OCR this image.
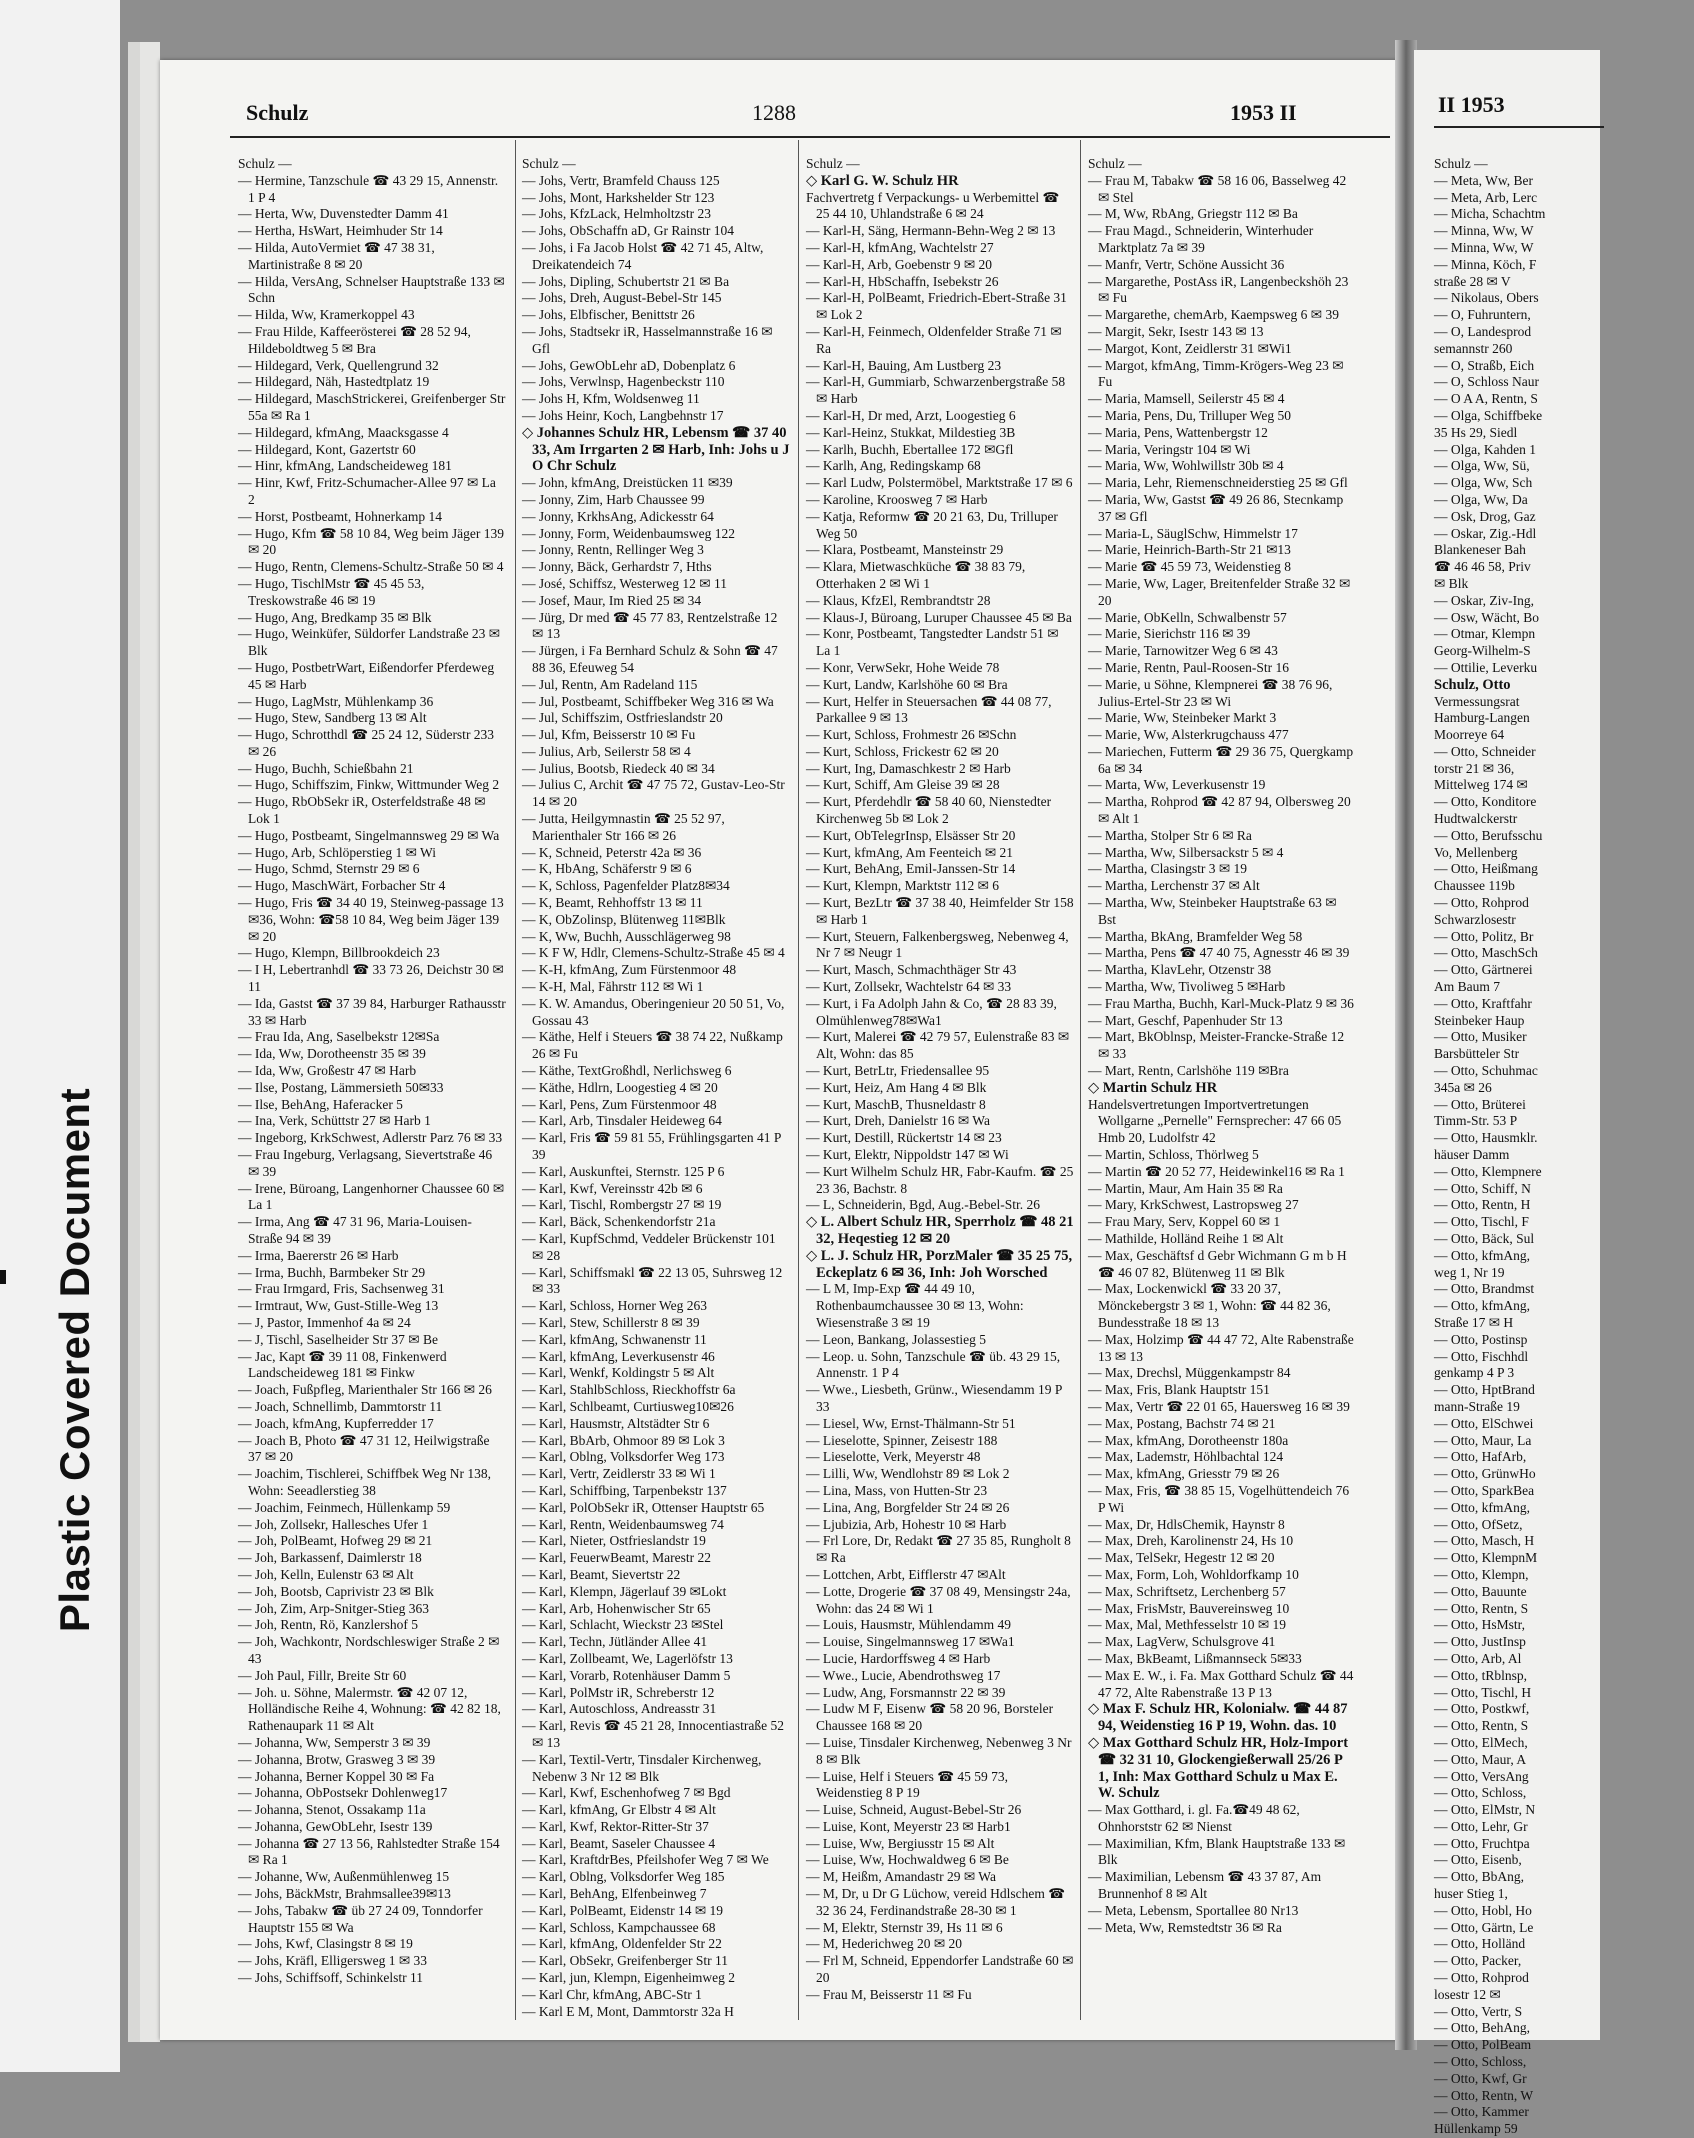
Plastic Covered Document
Schulz	1288	1953 II
Schulz —
— Hermine, Tanzschule ☎ 43 29 15, Annenstr. 1 P 4
— Herta, Ww, Duvenstedter Damm 41
— Hertha, HsWart, Heimhuder Str 14
— Hilda, AutoVermiet ☎ 47 38 31, Martinistraße 8 ✉ 20
— Hilda, VersAng, Schnelser Hauptstraße 133 ✉ Schn
— Hilda, Ww, Kramerkoppel 43
— Frau Hilde, Kaffeerösterei ☎ 28 52 94, Hildeboldtweg 5 ✉ Bra
— Hildegard, Verk, Quellengrund 32
— Hildegard, Näh, Hastedtplatz 19
— Hildegard, MaschStrickerei, Greifenberger Str 55a ✉ Ra 1
— Hildegard, kfmAng, Maacksgasse 4
— Hildegard, Kont, Gazertstr 60
— Hinr, kfmAng, Landscheideweg 181
— Hinr, Kwf, Fritz-Schumacher-Allee 97 ✉ La 2
— Horst, Postbeamt, Hohnerkamp 14
— Hugo, Kfm ☎ 58 10 84, Weg beim Jäger 139 ✉ 20
— Hugo, Rentn, Clemens-Schultz-Straße 50 ✉ 4
— Hugo, TischlMstr ☎ 45 45 53, Treskowstraße 46 ✉ 19
— Hugo, Ang, Bredkamp 35 ✉ Blk
— Hugo, Weinküfer, Süldorfer Landstraße 23 ✉ Blk
— Hugo, PostbetrWart, Eißendorfer Pferdeweg 45 ✉ Harb
— Hugo, LagMstr, Mühlenkamp 36
— Hugo, Stew, Sandberg 13 ✉ Alt
— Hugo, Schrotthdl ☎ 25 24 12, Süderstr 233 ✉ 26
— Hugo, Buchh, Schießbahn 21
— Hugo, Schiffszim, Finkw, Wittmunder Weg 2
— Hugo, RbObSekr iR, Osterfeldstraße 48 ✉ Lok 1
— Hugo, Postbeamt, Singelmannsweg 29 ✉ Wa
— Hugo, Arb, Schlöperstieg 1 ✉ Wi
— Hugo, Schmd, Sternstr 29 ✉ 6
— Hugo, MaschWärt, Forbacher Str 4
— Hugo, Fris ☎ 34 40 19, Steinweg-passage 13 ✉36, Wohn: ☎58 10 84, Weg beim Jäger 139 ✉ 20
— Hugo, Klempn, Billbrookdeich 23
— I H, Lebertranhdl ☎ 33 73 26, Deichstr 30 ✉ 11
— Ida, Gastst ☎ 37 39 84, Harburger Rathausstr 33 ✉ Harb
— Frau Ida, Ang, Saselbekstr 12✉Sa
— Ida, Ww, Dorotheenstr 35 ✉ 39
— Ida, Ww, Großestr 47 ✉ Harb
— Ilse, Postang, Lämmersieth 50✉33
— Ilse, BehAng, Haferacker 5
— Ina, Verk, Schüttstr 27 ✉ Harb 1
— Ingeborg, KrkSchwest, Adlerstr Parz 76 ✉ 33
— Frau Ingeburg, Verlagsang, Sievertstraße 46 ✉ 39
— Irene, Büroang, Langenhorner Chaussee 60 ✉ La 1
— Irma, Ang ☎ 47 31 96, Maria-Louisen-Straße 94 ✉ 39
— Irma, Baererstr 26 ✉ Harb
— Irma, Buchh, Barmbeker Str 29
— Frau Irmgard, Fris, Sachsenweg 31
— Irmtraut, Ww, Gust-Stille-Weg 13
— J, Pastor, Immenhof 4a ✉ 24
— J, Tischl, Saselheider Str 37 ✉ Be
— Jac, Kapt ☎ 39 11 08, Finkenwerd Landscheideweg 181 ✉ Finkw
— Joach, Fußpfleg, Marienthaler Str 166 ✉ 26
— Joach, Schnellimb, Dammtorstr 11
— Joach, kfmAng, Kupferredder 17
— Joach B, Photo ☎ 47 31 12, Heilwigstraße 37 ✉ 20
— Joachim, Tischlerei, Schiffbek Weg Nr 138, Wohn: Seeadlerstieg 38
— Joachim, Feinmech, Hüllenkamp 59
— Joh, Zollsekr, Hallesches Ufer 1
— Joh, PolBeamt, Hofweg 29 ✉ 21
— Joh, Barkassenf, Daimlerstr 18
— Joh, Kelln, Eulenstr 63 ✉ Alt
— Joh, Bootsb, Caprivistr 23 ✉ Blk
— Joh, Zim, Arp-Snitger-Stieg 363
— Joh, Rentn, Rö, Kanzlershof 5
— Joh, Wachkontr, Nordschleswiger Straße 2 ✉ 43
— Joh Paul, Fillr, Breite Str 60
— Joh. u. Söhne, Malermstr. ☎ 42 07 12, Holländische Reihe 4, Wohnung: ☎ 42 82 18, Rathenaupark 11 ✉ Alt
— Johanna, Ww, Semperstr 3 ✉ 39
— Johanna, Brotw, Grasweg 3 ✉ 39
— Johanna, Berner Koppel 30 ✉ Fa
— Johanna, ObPostsekr Dohlenweg17
— Johanna, Stenot, Ossakamp 11a
— Johanna, GewObLehr, Isestr 139
— Johanna ☎ 27 13 56, Rahlstedter Straße 154 ✉ Ra 1
— Johanne, Ww, Außenmühlenweg 15
— Johs, BäckMstr, Brahmsallee39✉13
— Johs, Tabakw ☎ üb 27 24 09, Tonndorfer Hauptstr 155 ✉ Wa
— Johs, Kwf, Clasingstr 8 ✉ 19
— Johs, Kräfl, Elligersweg 1 ✉ 33
— Johs, Schiffsoff, Schinkelstr 11
Schulz —
— Johs, Vertr, Bramfeld Chauss 125
— Johs, Mont, Harkshelder Str 123
— Johs, KfzLack, Helmholtzstr 23
— Johs, ObSchaffn aD, Gr Rainstr 104
— Johs, i Fa Jacob Holst ☎ 42 71 45, Altw, Dreikatendeich 74
— Johs, Dipling, Schubertstr 21 ✉ Ba
— Johs, Dreh, August-Bebel-Str 145
— Johs, Elbfischer, Benittstr 26
— Johs, Stadtsekr iR, Hasselmannstraße 16 ✉ Gfl
— Johs, GewObLehr aD, Dobenplatz 6
— Johs, Verwlnsp, Hagenbeckstr 110
— Johs H, Kfm, Woldsenweg 11
— Johs Heinr, Koch, Langbehnstr 17
◇ Johannes Schulz HR, Lebensm ☎ 37 40 33, Am Irrgarten 2 ✉ Harb, Inh: Johs u J O Chr Schulz
— John, kfmAng, Dreistücken 11 ✉39
— Jonny, Zim, Harb Chaussee 99
— Jonny, KrkhsAng, Adickesstr 64
— Jonny, Form, Weidenbaumsweg 122
— Jonny, Rentn, Rellinger Weg 3
— Jonny, Bäck, Gerhardstr 7, Hths
— José, Schiffsz, Westerweg 12 ✉ 11
— Josef, Maur, Im Ried 25 ✉ 34
— Jürg, Dr med ☎ 45 77 83, Rentzelstraße 12 ✉ 13
— Jürgen, i Fa Bernhard Schulz & Sohn ☎ 47 88 36, Efeuweg 54
— Jul, Rentn, Am Radeland 115
— Jul, Postbeamt, Schiffbeker Weg 316 ✉ Wa
— Jul, Schiffszim, Ostfrieslandstr 20
— Jul, Kfm, Beisserstr 10 ✉ Fu
— Julius, Arb, Seilerstr 58 ✉ 4
— Julius, Bootsb, Riedeck 40 ✉ 34
— Julius C, Archit ☎ 47 75 72, Gustav-Leo-Str 14 ✉ 20
— Jutta, Heilgymnastin ☎ 25 52 97, Marienthaler Str 166 ✉ 26
— K, Schneid, Peterstr 42a ✉ 36
— K, HbAng, Schäferstr 9 ✉ 6
— K, Schloss, Pagenfelder Platz8✉34
— K, Beamt, Rehhoffstr 13 ✉ 11
— K, ObZolinsp, Blütenweg 11✉Blk
— K, Ww, Buchh, Ausschlägerweg 98
— K F W, Hdlr, Clemens-Schultz-Straße 45 ✉ 4
— K-H, kfmAng, Zum Fürstenmoor 48
— K-H, Mal, Fährstr 112 ✉ Wi 1
— K. W. Amandus, Oberingenieur 20 50 51, Vo, Gossau 43
— Käthe, Helf i Steuers ☎ 38 74 22, Nußkamp 26 ✉ Fu
— Käthe, TextGroßhdl, Nerlichsweg 6
— Käthe, Hdlrn, Loogestieg 4 ✉ 20
— Karl, Pens, Zum Fürstenmoor 48
— Karl, Arb, Tinsdaler Heideweg 64
— Karl, Fris ☎ 59 81 55, Frühlingsgarten 41 P 39
— Karl, Auskunftei, Sternstr. 125 P 6
— Karl, Kwf, Vereinsstr 42b ✉ 6
— Karl, Tischl, Rombergstr 27 ✉ 19
— Karl, Bäck, Schenkendorfstr 21a
— Karl, KupfSchmd, Veddeler Brückenstr 101 ✉ 28
— Karl, Schiffsmakl ☎ 22 13 05, Suhrsweg 12 ✉ 33
— Karl, Schloss, Horner Weg 263
— Karl, Stew, Schillerstr 8 ✉ 39
— Karl, kfmAng, Schwanenstr 11
— Karl, kfmAng, Leverkusenstr 46
— Karl, Wenkf, Koldingstr 5 ✉ Alt
— Karl, StahlbSchloss, Rieckhoffstr 6a
— Karl, Schlbeamt, Curtiusweg10✉26
— Karl, Hausmstr, Altstädter Str 6
— Karl, BbArb, Ohmoor 89 ✉ Lok 3
— Karl, Oblng, Volksdorfer Weg 173
— Karl, Vertr, Zeidlerstr 33 ✉ Wi 1
— Karl, Schiffbing, Tarpenbekstr 137
— Karl, PolObSekr iR, Ottenser Hauptstr 65
— Karl, Rentn, Weidenbaumsweg 74
— Karl, Nieter, Ostfrieslandstr 19
— Karl, FeuerwBeamt, Marestr 22
— Karl, Beamt, Sievertstr 22
— Karl, Klempn, Jägerlauf 39 ✉Lokt
— Karl, Arb, Hohenwischer Str 65
— Karl, Schlacht, Wieckstr 23 ✉Stel
— Karl, Techn, Jütländer Allee 41
— Karl, Zollbeamt, We, Lagerlöfstr 13
— Karl, Vorarb, Rotenhäuser Damm 5
— Karl, PolMstr iR, Schreberstr 12
— Karl, Autoschloss, Andreasstr 31
— Karl, Revis ☎ 45 21 28, Innocentiastraße 52 ✉ 13
— Karl, Textil-Vertr, Tinsdaler Kirchenweg, Nebenw 3 Nr 12 ✉ Blk
— Karl, Kwf, Eschenhofweg 7 ✉ Bgd
— Karl, kfmAng, Gr Elbstr 4 ✉ Alt
— Karl, Kwf, Rektor-Ritter-Str 37
— Karl, Beamt, Saseler Chaussee 4
— Karl, KraftdrBes, Pfeilshofer Weg 7 ✉ We
— Karl, Oblng, Volksdorfer Weg 185
— Karl, BehAng, Elfenbeinweg 7
— Karl, PolBeamt, Eidenstr 14 ✉ 19
— Karl, Schloss, Kampchaussee 68
— Karl, kfmAng, Oldenfelder Str 22
— Karl, ObSekr, Greifenberger Str 11
— Karl, jun, Klempn, Eigenheimweg 2
— Karl Chr, kfmAng, ABC-Str 1
— Karl E M, Mont, Dammtorstr 32a H
Schulz —
◇ Karl G. W. Schulz HR
Fachvertretg f Verpackungs- u Werbemittel ☎ 25 44 10, Uhlandstraße 6 ✉ 24
— Karl-H, Säng, Hermann-Behn-Weg 2 ✉ 13
— Karl-H, kfmAng, Wachtelstr 27
— Karl-H, Arb, Goebenstr 9 ✉ 20
— Karl-H, HbSchaffn, Isebekstr 26
— Karl-H, PolBeamt, Friedrich-Ebert-Straße 31 ✉ Lok 2
— Karl-H, Feinmech, Oldenfelder Straße 71 ✉ Ra
— Karl-H, Bauing, Am Lustberg 23
— Karl-H, Gummiarb, Schwarzenbergstraße 58 ✉ Harb
— Karl-H, Dr med, Arzt, Loogestieg 6
— Karl-Heinz, Stukkat, Mildestieg 3B
— Karlh, Buchh, Ebertallee 172 ✉Gfl
— Karlh, Ang, Redingskamp 68
— Karl Ludw, Polstermöbel, Marktstraße 17 ✉ 6
— Karoline, Kroosweg 7 ✉ Harb
— Katja, Reformw ☎ 20 21 63, Du, Trilluper Weg 50
— Klara, Postbeamt, Mansteinstr 29
— Klara, Mietwaschküche ☎ 38 83 79, Otterhaken 2 ✉ Wi 1
— Klaus, KfzEl, Rembrandtstr 28
— Klaus-J, Büroang, Luruper Chaussee 45 ✉ Ba
— Konr, Postbeamt, Tangstedter Landstr 51 ✉ La 1
— Konr, VerwSekr, Hohe Weide 78
— Kurt, Landw, Karlshöhe 60 ✉ Bra
— Kurt, Helfer in Steuersachen ☎ 44 08 77, Parkallee 9 ✉ 13
— Kurt, Schloss, Frohmestr 26 ✉Schn
— Kurt, Schloss, Frickestr 62 ✉ 20
— Kurt, Ing, Damaschkestr 2 ✉ Harb
— Kurt, Schiff, Am Gleise 39 ✉ 28
— Kurt, Pferdehdlr ☎ 58 40 60, Nienstedter Kirchenweg 5b ✉ Lok 2
— Kurt, ObTelegrInsp, Elsässer Str 20
— Kurt, kfmAng, Am Feenteich ✉ 21
— Kurt, BehAng, Emil-Janssen-Str 14
— Kurt, Klempn, Marktstr 112 ✉ 6
— Kurt, BezLtr ☎ 37 38 40, Heimfelder Str 158 ✉ Harb 1
— Kurt, Steuern, Falkenbergsweg, Nebenweg 4, Nr 7 ✉ Neugr 1
— Kurt, Masch, Schmachthäger Str 43
— Kurt, Zollsekr, Wachtelstr 64 ✉ 33
— Kurt, i Fa Adolph Jahn & Co, ☎ 28 83 39, Olmühlenweg78✉Wa1
— Kurt, Malerei ☎ 42 79 57, Eulenstraße 83 ✉ Alt, Wohn: das 85
— Kurt, BetrLtr, Friedensallee 95
— Kurt, Heiz, Am Hang 4 ✉ Blk
— Kurt, MaschB, Thusneldastr 8
— Kurt, Dreh, Danielstr 16 ✉ Wa
— Kurt, Destill, Rückertstr 14 ✉ 23
— Kurt, Elektr, Nippoldstr 147 ✉ Wi
— Kurt Wilhelm Schulz HR, Fabr-Kaufm. ☎ 25 23 36, Bachstr. 8
— L, Schneiderin, Bgd, Aug.-Bebel-Str. 26
◇ L. Albert Schulz HR, Sperrholz ☎ 48 21 32, Heqestieg 12 ✉ 20
◇ L. J. Schulz HR, PorzMaler ☎ 35 25 75, Eckeplatz 6 ✉ 36, Inh: Joh Worsched
— L M, Imp-Exp ☎ 44 49 10, Rothenbaumchaussee 30 ✉ 13, Wohn: Wiesenstraße 3 ✉ 19
— Leon, Bankang, Jolassestieg 5
— Leop. u. Sohn, Tanzschule ☎ üb. 43 29 15, Annenstr. 1 P 4
— Wwe., Liesbeth, Grünw., Wiesendamm 19 P 33
— Liesel, Ww, Ernst-Thälmann-Str 51
— Lieselotte, Spinner, Zeisestr 188
— Lieselotte, Verk, Meyerstr 48
— Lilli, Ww, Wendlohstr 89 ✉ Lok 2
— Lina, Mass, von Hutten-Str 23
— Lina, Ang, Borgfelder Str 24 ✉ 26
— Ljubizia, Arb, Hohestr 10 ✉ Harb
— Frl Lore, Dr, Redakt ☎ 27 35 85, Rungholt 8 ✉ Ra
— Lottchen, Arbt, Eifflerstr 47 ✉Alt
— Lotte, Drogerie ☎ 37 08 49, Mensingstr 24a, Wohn: das 24 ✉ Wi 1
— Louis, Hausmstr, Mühlendamm 49
— Louise, Singelmannsweg 17 ✉Wa1
— Lucie, Hardorffsweg 4 ✉ Harb
— Wwe., Lucie, Abendrothsweg 17
— Ludw, Ang, Forsmannstr 22 ✉ 39
— Ludw M F, Eisenw ☎ 58 20 96, Borsteler Chaussee 168 ✉ 20
— Luise, Tinsdaler Kirchenweg, Nebenweg 3 Nr 8 ✉ Blk
— Luise, Helf i Steuers ☎ 45 59 73, Weidenstieg 8 P 19
— Luise, Schneid, August-Bebel-Str 26
— Luise, Kont, Meyerstr 23 ✉ Harb1
— Luise, Ww, Bergiusstr 15 ✉ Alt
— Luise, Ww, Hochwaldweg 6 ✉ Be
— M, Heißm, Amandastr 29 ✉ Wa
— M, Dr, u Dr G Lüchow, vereid Hdlschem ☎ 32 36 24, Ferdinandstraße 28-30 ✉ 1
— M, Elektr, Sternstr 39, Hs 11 ✉ 6
— M, Hederichweg 20 ✉ 20
— Frl M, Schneid, Eppendorfer Landstraße 60 ✉ 20
— Frau M, Beisserstr 11 ✉ Fu
Schulz —
— Frau M, Tabakw ☎ 58 16 06, Basselweg 42 ✉ Stel
— M, Ww, RbAng, Griegstr 112 ✉ Ba
— Frau Magd., Schneiderin, Winterhuder Marktplatz 7a ✉ 39
— Manfr, Vertr, Schöne Aussicht 36
— Margarethe, PostAss iR, Langenbeckshöh 23 ✉ Fu
— Margarethe, chemArb, Kaempsweg 6 ✉ 39
— Margit, Sekr, Isestr 143 ✉ 13
— Margot, Kont, Zeidlerstr 31 ✉Wi1
— Margot, kfmAng, Timm-Krögers-Weg 23 ✉ Fu
— Maria, Mamsell, Seilerstr 45 ✉ 4
— Maria, Pens, Du, Trilluper Weg 50
— Maria, Pens, Wattenbergstr 12
— Maria, Veringstr 104 ✉ Wi
— Maria, Ww, Wohlwillstr 30b ✉ 4
— Maria, Lehr, Riemenschneiderstieg 25 ✉ Gfl
— Maria, Ww, Gastst ☎ 49 26 86, Stecnkamp 37 ✉ Gfl
— Maria-L, SäuglSchw, Himmelstr 17
— Marie, Heinrich-Barth-Str 21 ✉13
— Marie ☎ 45 59 73, Weidenstieg 8
— Marie, Ww, Lager, Breitenfelder Straße 32 ✉ 20
— Marie, ObKelln, Schwalbenstr 57
— Marie, Sierichstr 116 ✉ 39
— Marie, Tarnowitzer Weg 6 ✉ 43
— Marie, Rentn, Paul-Roosen-Str 16
— Marie, u Söhne, Klempnerei ☎ 38 76 96, Julius-Ertel-Str 23 ✉ Wi
— Marie, Ww, Steinbeker Markt 3
— Marie, Ww, Alsterkrugchauss 477
— Mariechen, Futterm ☎ 29 36 75, Quergkamp 6a ✉ 34
— Marta, Ww, Leverkusenstr 19
— Martha, Rohprod ☎ 42 87 94, Olbersweg 20 ✉ Alt 1
— Martha, Stolper Str 6 ✉ Ra
— Martha, Ww, Silbersackstr 5 ✉ 4
— Martha, Clasingstr 3 ✉ 19
— Martha, Lerchenstr 37 ✉ Alt
— Martha, Ww, Steinbeker Hauptstraße 63 ✉ Bst
— Martha, BkAng, Bramfelder Weg 58
— Martha, Pens ☎ 47 40 75, Agnesstr 46 ✉ 39
— Martha, KlavLehr, Otzenstr 38
— Martha, Ww, Tivoliweg 5 ✉Harb
— Frau Martha, Buchh, Karl-Muck-Platz 9 ✉ 36
— Mart, Geschf, Papenhuder Str 13
— Mart, BkOblnsp, Meister-Francke-Straße 12 ✉ 33
— Mart, Rentn, Carlshöhe 119 ✉Bra
◇ Martin Schulz HR
Handelsvertretungen Importvertretungen Wollgarne „Pernelle" Fernsprecher: 47 66 05 Hmb 20, Ludolfstr 42
— Martin, Schloss, Thörlweg 5
— Martin ☎ 20 52 77, Heidewinkel16 ✉ Ra 1
— Martin, Maur, Am Hain 35 ✉ Ra
— Mary, KrkSchwest, Lastropsweg 27
— Frau Mary, Serv, Koppel 60 ✉ 1
— Mathilde, Holländ Reihe 1 ✉ Alt
— Max, Geschäftsf d Gebr Wichmann G m b H ☎ 46 07 82, Blütenweg 11 ✉ Blk
— Max, Lockenwickl ☎ 33 20 37, Mönckebergstr 3 ✉ 1, Wohn: ☎ 44 82 36, Bundesstraße 18 ✉ 13
— Max, Holzimp ☎ 44 47 72, Alte Rabenstraße 13 ✉ 13
— Max, Drechsl, Müggenkampstr 84
— Max, Fris, Blank Hauptstr 151
— Max, Vertr ☎ 22 01 65, Hauersweg 16 ✉ 39
— Max, Postang, Bachstr 74 ✉ 21
— Max, kfmAng, Dorotheenstr 180a
— Max, Lademstr, Höhlbachtal 124
— Max, kfmAng, Griesstr 79 ✉ 26
— Max, Fris, ☎ 38 85 15, Vogelhüttendeich 76 P Wi
— Max, Dr, HdlsChemik, Haynstr 8
— Max, Dreh, Karolinenstr 24, Hs 10
— Max, TelSekr, Hegestr 12 ✉ 20
— Max, Form, Loh, Wohldorfkamp 10
— Max, Schriftsetz, Lerchenberg 57
— Max, FrisMstr, Bauvereinsweg 10
— Max, Mal, Methfesselstr 10 ✉ 19
— Max, LagVerw, Schulsgrove 41
— Max, BkBeamt, Lißmannseck 5✉33
— Max E. W., i. Fa. Max Gotthard Schulz ☎ 44 47 72, Alte Rabenstraße 13 P 13
◇ Max F. Schulz HR, Kolonialw. ☎ 44 87 94, Weidenstieg 16 P 19, Wohn. das. 10
◇ Max Gotthard Schulz HR, Holz-Import ☎ 32 31 10, Glockengießerwall 25/26 P 1, Inh: Max Gotthard Schulz u Max E. W. Schulz
— Max Gotthard, i. gl. Fa.☎49 48 62, Ohnhorststr 62 ✉ Nienst
— Maximilian, Kfm, Blank Hauptstraße 133 ✉ Blk
— Maximilian, Lebensm ☎ 43 37 87, Am Brunnenhof 8 ✉ Alt
— Meta, Lebensm, Sportallee 80 Nr13
— Meta, Ww, Remstedtstr 36 ✉ Ra
II 1953
Schulz —
— Meta, Ww, Ber
— Meta, Arb, Lerc
— Micha, Schachtm
— Minna, Ww, W
— Minna, Ww, W
— Minna, Köch, F
straße 28 ✉ V
— Nikolaus, Obers
— O, Fuhruntern,
— O, Landesprod
semannstr 260
— O, Straßb, Eich
— O, Schloss Naur
— O A A, Rentn, S
— Olga, Schiffbeke
35 Hs 29, Siedl
— Olga, Kahden 1
— Olga, Ww, Sü,
— Olga, Ww, Sch
— Olga, Ww, Da
— Osk, Drog, Gaz
— Oskar, Zig.-Hdl
Blankeneser Bah
☎ 46 46 58, Priv
✉ Blk
— Oskar, Ziv-Ing,
— Osw, Wächt, Bo
— Otmar, Klempn
Georg-Wilhelm-S
— Ottilie, Leverku
Schulz, Otto
Vermessungsrat
Hamburg-Langen
Moorreye 64
— Otto, Schneider
torstr 21 ✉ 36,
Mittelweg 174 ✉
— Otto, Konditore
Hudtwalckerstr
— Otto, Berufsschu
Vo, Mellenberg
— Otto, Heißmang
Chaussee 119b
— Otto, Rohprod
Schwarzlosestr
— Otto, Politz, Br
— Otto, MaschSch
— Otto, Gärtnerei
Am Baum 7
— Otto, Kraftfahr
Steinbeker Haup
— Otto, Musiker
Barsbütteler Str
— Otto, Schuhmac
345a ✉ 26
— Otto, Brüterei
Timm-Str. 53 P
— Otto, Hausmklr.
häuser Damm
— Otto, Klempnere
— Otto, Schiff, N
— Otto, Rentn, H
— Otto, Tischl, F
— Otto, Bäck, Sul
— Otto, kfmAng,
weg 1, Nr 19
— Otto, Brandmst
— Otto, kfmAng,
Straße 17 ✉ H
— Otto, Postinsp
— Otto, Fischhdl
genkamp 4 P 3
— Otto, HptBrand
mann-Straße 19
— Otto, ElSchwei
— Otto, Maur, La
— Otto, HafArb,
— Otto, GrünwHo
— Otto, SparkBea
— Otto, kfmAng,
— Otto, OfSetz,
— Otto, Masch, H
— Otto, KlempnM
— Otto, Klempn,
— Otto, Bauunte
— Otto, Rentn, S
— Otto, HsMstr,
— Otto, JustInsp
— Otto, Arb, Al
— Otto, tRblnsp,
— Otto, Tischl, H
— Otto, Postkwf,
— Otto, Rentn, S
— Otto, ElMech,
— Otto, Maur, A
— Otto, VersAng
— Otto, Schloss,
— Otto, ElMstr, N
— Otto, Lehr, Gr
— Otto, Fruchtpa
— Otto, Eisenb,
— Otto, BbAng,
huser Stieg 1,
— Otto, Hobl, Ho
— Otto, Gärtn, Le
— Otto, Holländ
— Otto, Packer,
— Otto, Rohprod
losestr 12 ✉
— Otto, Vertr, S
— Otto, BehAng,
— Otto, PolBeam
— Otto, Schloss,
— Otto, Kwf, Gr
— Otto, Rentn, W
— Otto, Kammer
Hüllenkamp 59
